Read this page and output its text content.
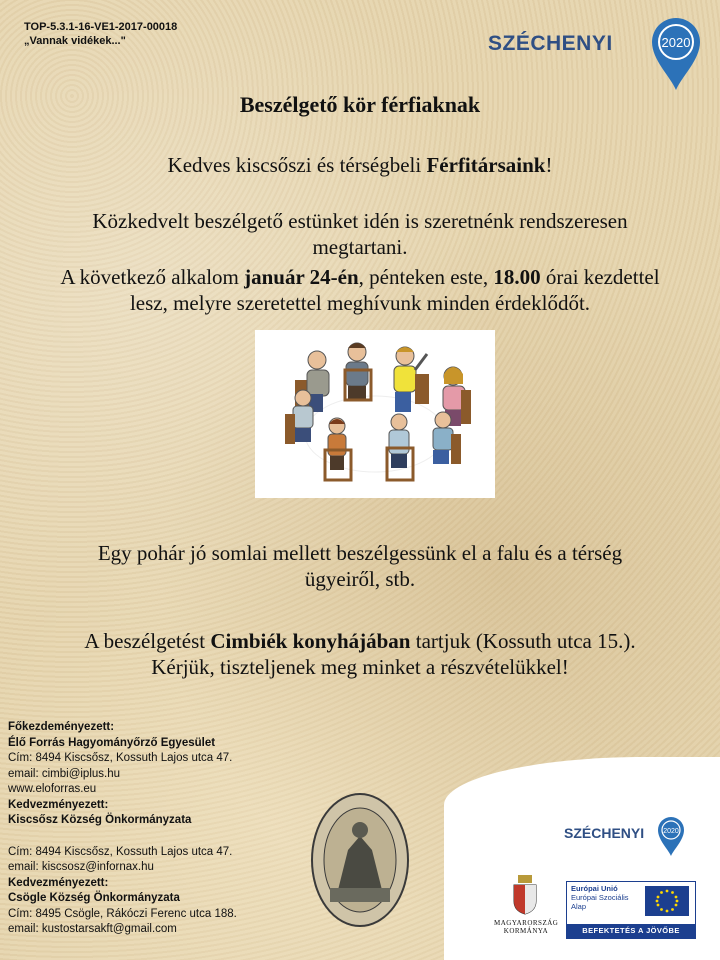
TOP-5.3.1-16-VE1-2017-00018
„Vannak vidékek..."	SZÉCHENYI	2020
Beszélgető kör férfiaknak
Kedves kiscsőszi és térségbeli Férfitársaink!
Közkedvelt beszélgető estünket idén is szeretnénk rendszeresen
megtartani.
A következő alkalom január 24-én, pénteken este, 18.00 órai kezdettel
lesz, melyre szeretettel meghívunk minden érdeklődőt.
Egy pohár jó somlai mellett beszélgessünk el a falu és a térség
ügyeiről, stb.
A beszélgetést Cimbiék konyhájában tartjuk (Kossuth utca 15.).
Kérjük, tiszteljenek meg minket a részvételükkel!
Főkezdeményezett:
Élő Forrás Hagyományőrző Egyesület
Cím: 8494 Kiscsősz, Kossuth Lajos utca 47.
email: cimbi@iplus.hu
www.eloforras.eu
Kedvezményezett:
Kiscsősz Község Önkormányzata
Cím: 8494 Kiscsősz, Kossuth Lajos utca 47.
email: kiscsosz@infornax.hu
Kedvezményezett:
Csögle Község Önkormányzata
Cím: 8495 Csögle, Rákóczi Ferenc utca 188.
email: kustostarsakft@gmail.com
SZÉCHENYI	2020
MAGYARORSZÁG
KORMÁNYA
Európai Unió
Európai Szociális
Alap
BEFEKTETÉS A JÖVŐBE
